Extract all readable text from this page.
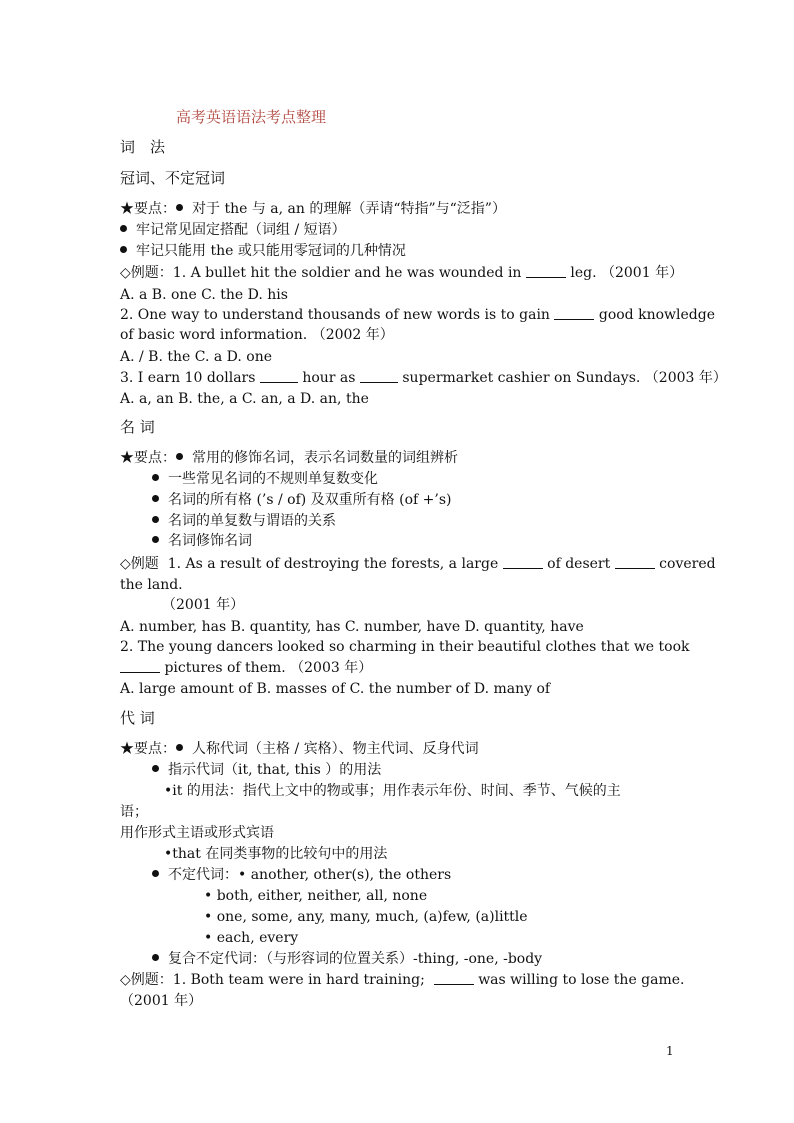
高考英语语法考点整理
词　法
冠词、不定冠词
★要点： 对于 the 与 a, an 的理解（弄请“特指”与“泛指”）
牢记常见固定搭配（词组 / 短语）
牢记只能用 the 或只能用零冠词的几种情况
◇例题：1. A bullet hit the soldier and he was wounded in	leg. （2001 年）
A. a B. one C. the D. his
2. One way to understand thousands of new words is to gain	good knowledge
of basic word information. （2002 年）
A. / B. the C. a D. one
3. I earn 10 dollars	hour as	supermarket cashier on Sundays. （2003 年）
A. a, an B. the, a C. an, a D. an, the
名 词
★要点： 常用的修饰名词，表示名词数量的词组辨析
一些常见名词的不规则单复数变化
名词的所有格 (’s / of) 及双重所有格 (of +’s)
名词的单复数与谓语的关系
名词修饰名词
◇例题 1. As a result of destroying the forests, a large	of desert	covered
the land.
（2001 年）
A. number, has B. quantity, has C. number, have D. quantity, have
2. The young dancers looked so charming in their beautiful clothes that we took
pictures of them. （2003 年）
A. large amount of B. masses of C. the number of D. many of
代 词
★要点： 人称代词（主格 / 宾格）、物主代词、反身代词
指示代词（it, that, this ）的用法
•it 的用法：指代上文中的物或事；用作表示年份、时间、季节、气候的主
语；
用作形式主语或形式宾语
•that 在同类事物的比较句中的用法
不定代词：• another, other(s), the others
• both, either, neither, all, none
• one, some, any, many, much, (a)few, (a)little
• each, every
复合不定代词：（与形容词的位置关系）-thing, -one, -body
◇例题：1. Both team were in hard training;	was willing to lose the game.
（2001 年）
1
